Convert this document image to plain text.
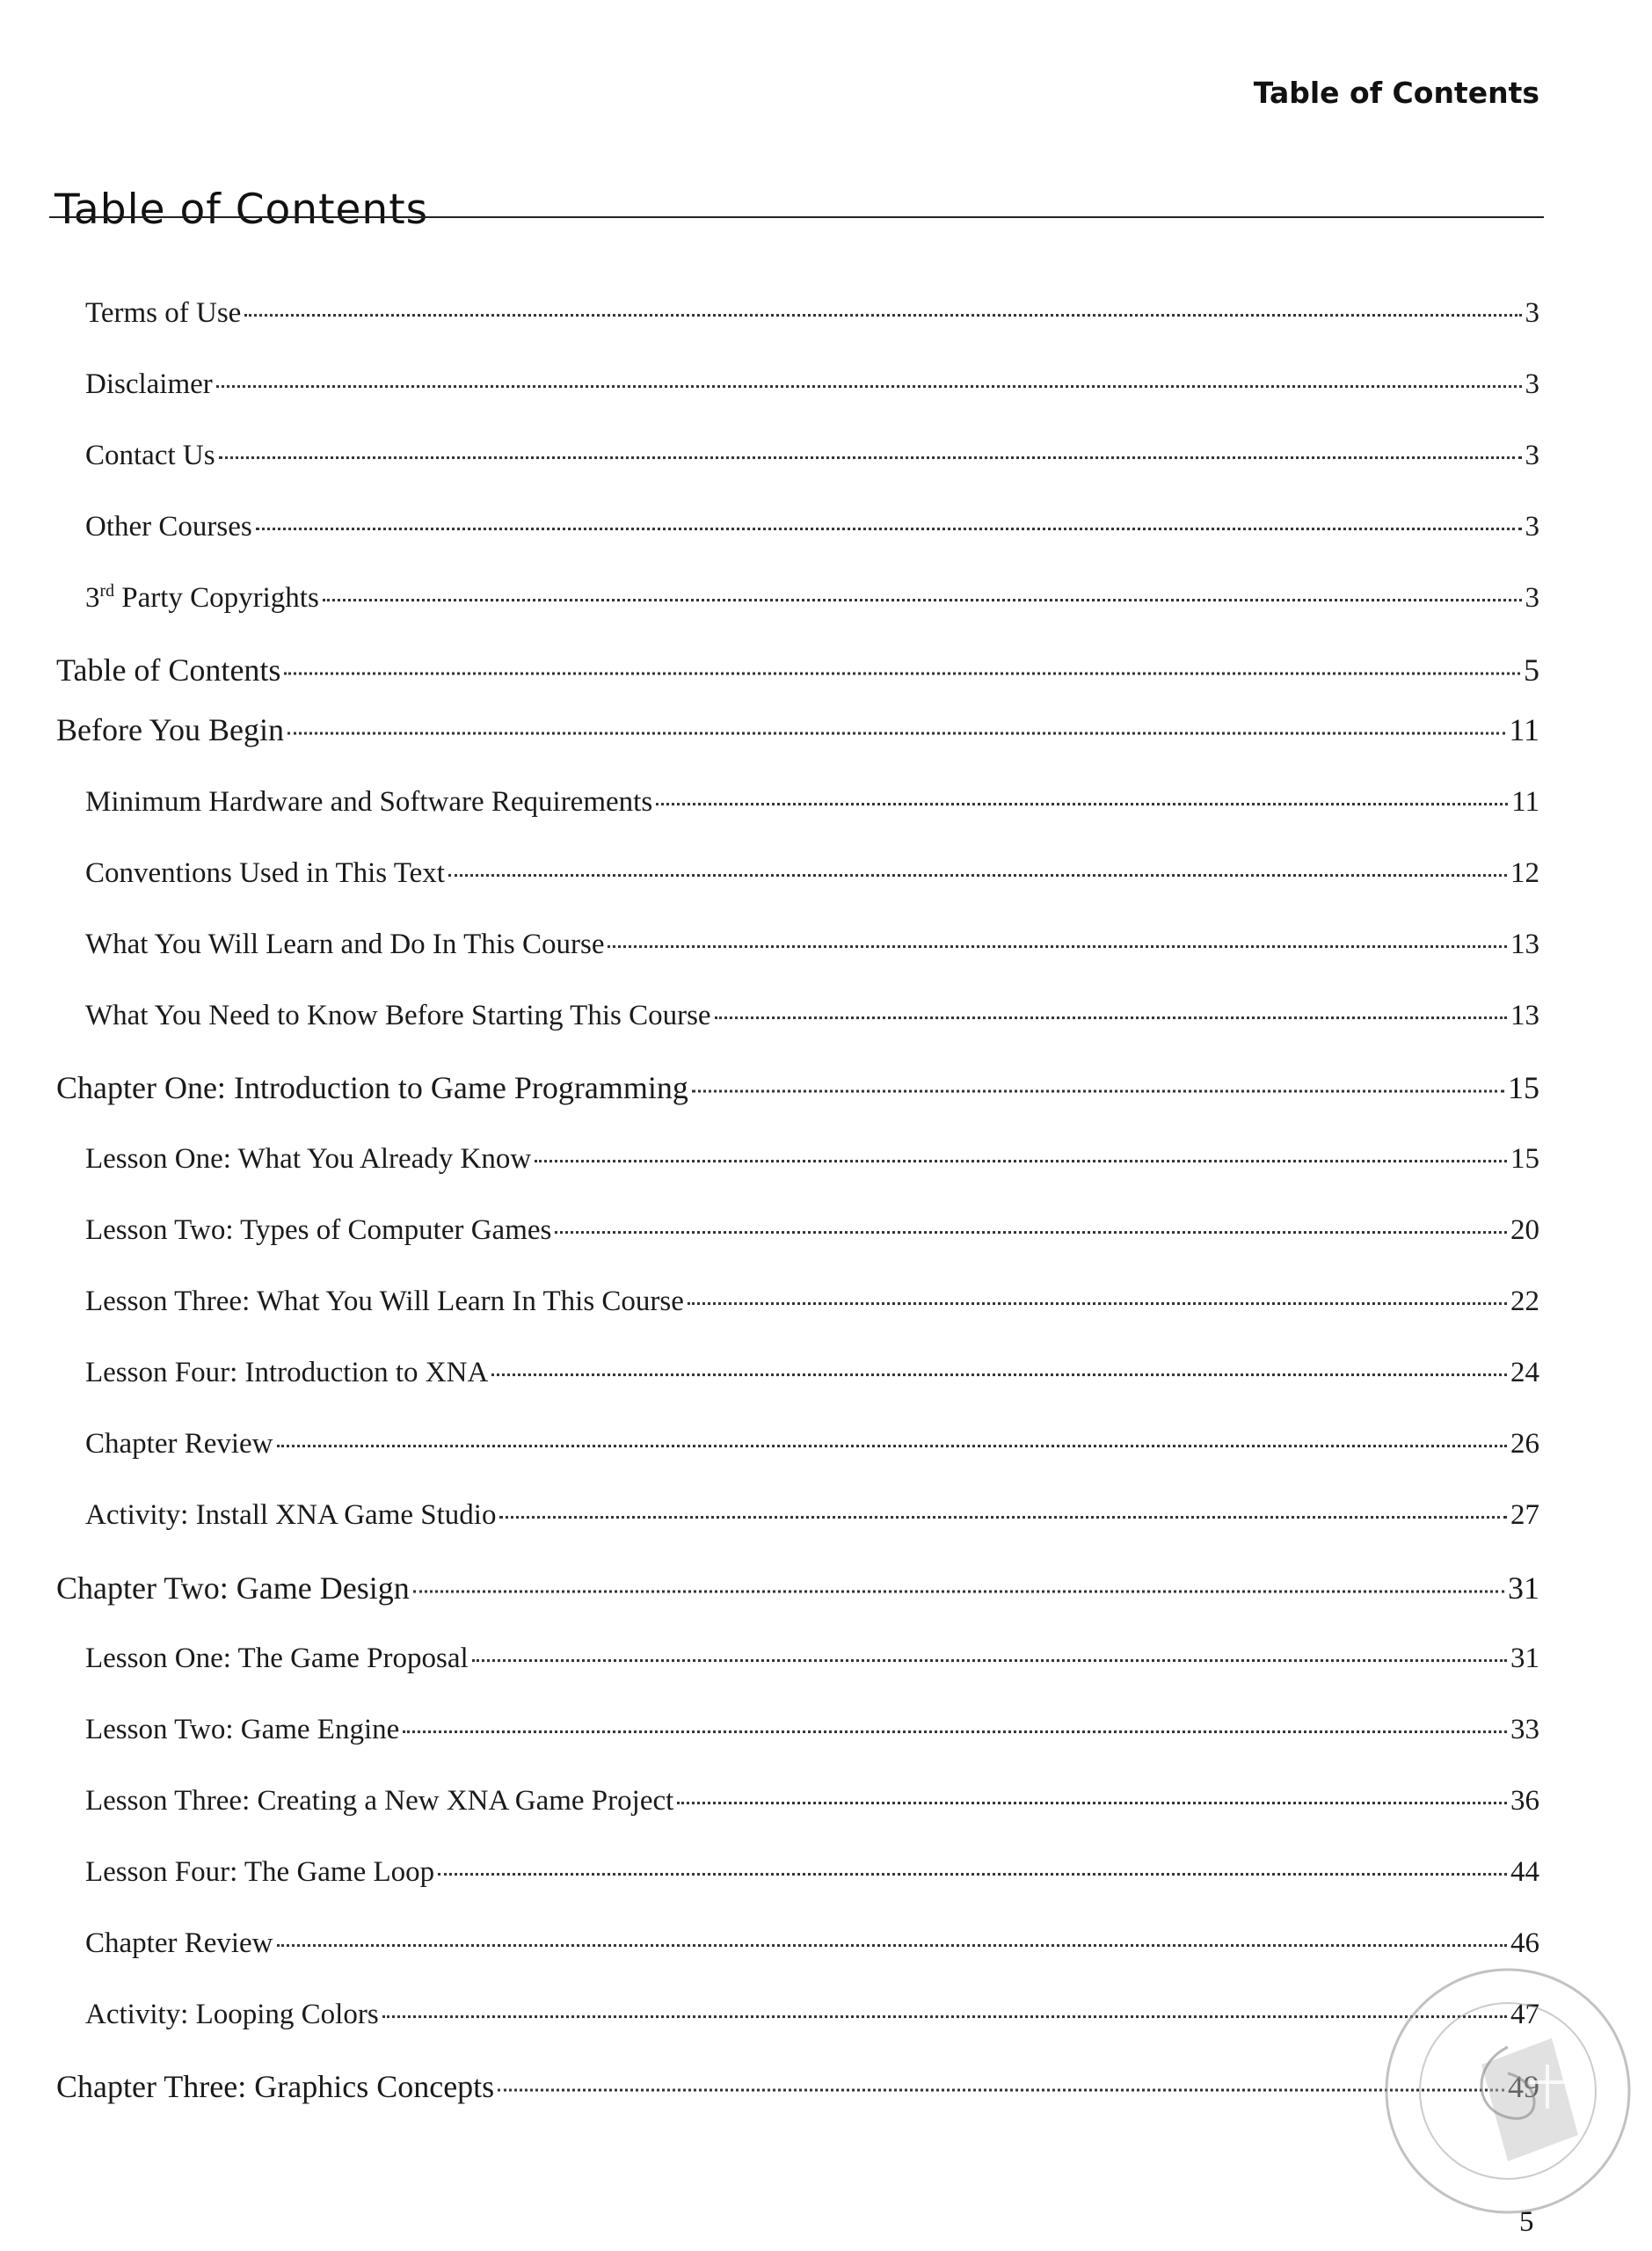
Table of Contents
Table of Contents
Terms of Use	3
Disclaimer	3
Contact Us	3
Other Courses	3
3rd Party Copyrights	3
Table of Contents	5
Before You Begin	11
Minimum Hardware and Software Requirements	11
Conventions Used in This Text	12
What You Will Learn and Do In This Course	13
What You Need to Know Before Starting This Course	13
Chapter One: Introduction to Game Programming	15
Lesson One: What You Already Know	15
Lesson Two: Types of Computer Games	20
Lesson Three: What You Will Learn In This Course	22
Lesson Four: Introduction to XNA	24
Chapter Review	26
Activity: Install XNA Game Studio	27
Chapter Two: Game Design	31
Lesson One: The Game Proposal	31
Lesson Two: Game Engine	33
Lesson Three: Creating a New XNA Game Project	36
Lesson Four: The Game Loop	44
Chapter Review	46
Activity: Looping Colors	47
Chapter Three: Graphics Concepts	49
5
